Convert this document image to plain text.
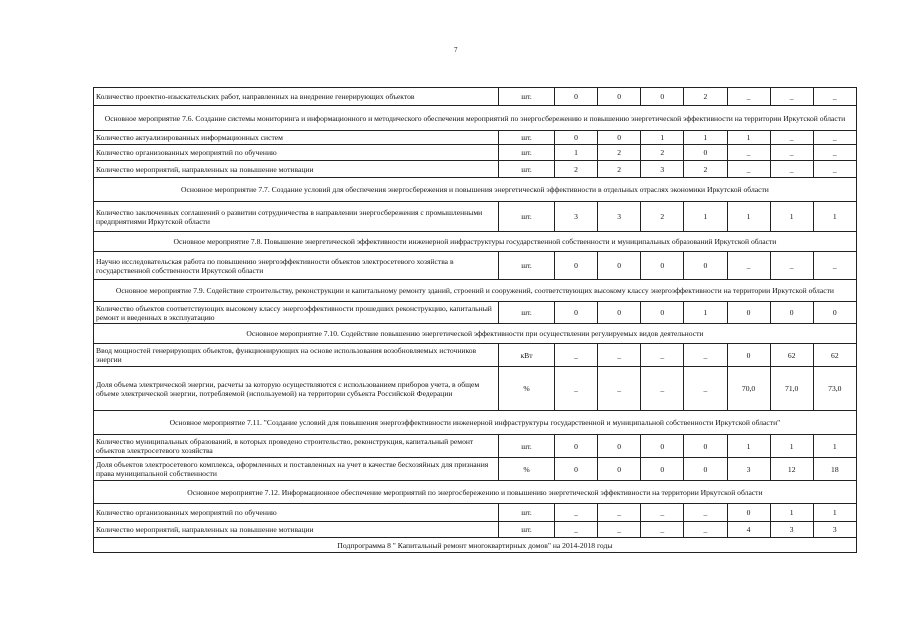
7
Количество проектно-изыскательских работ, направленных на внедрение генерирующих объектов	шт.	0	0	0	2	_	_	_
Основное мероприятие 7.6. Создание системы мониторинга и информационного и методического обеспечения мероприятий по энергосбережению и повышению энергетической эффективности на территории Иркутской области								
Количество актуализированных информационных систем	шт.	0	0	1	1	1	_	_
Количество организованных мероприятий по обучению	шт.	1	2	2	0	_	_	_
Количество мероприятий, направленных на повышение мотивации	шт.	2	2	3	2	_	_	_
Основное мероприятие 7.7. Создание условий для обеспечения энергосбережения и повышения энергетической эффективности в отдельных отраслях экономики Иркутской области								
Количество заключенных соглашений о развитии сотрудничества в направлении энергосбережения с промышленными предприятиями Иркутской области	шт.	3	3	2	1	1	1	1
Основное мероприятие 7.8. Повышение энергетической эффективности инженерной инфраструктуры государственной собственности и муниципальных образований Иркутской области								
Научно исследовательская работа по повышению энергоэффективности объектов электросетевого хозяйства в государственной собственности Иркутской области	шт.	0	0	0	0	_	_	_
Основное мероприятие 7.9. Содействие строительству, реконструкции и капитальному ремонту зданий, строений и сооружений, соответствующих высокому классу энергоэффективности на территории Иркутской области								
Количество объектов соответствующих высокому классу энергоэффективности прошедших реконструкцию, капитальный ремонт и введенных в эксплуатацию	шт.	0	0	0	1	0	0	0
Основное мероприятие 7.10. Содействие повышению энергетической эффективности при осуществлении регулируемых видов деятельности								
Ввод мощностей генерирующих объектов, функционирующих на основе использования возобновляемых источников энергии	кВт	_	_	_	_	0	62	62
Доля объема электрической энергии, расчеты за которую осуществляются с использованием приборов учета, в общем объеме электрической энергии, потребляемой (используемой) на территории субъекта Российской Федерации	%	_	_	_	_	70,0	71,0	73,0
Основное мероприятие 7.11. "Создание условий для повышения энергоэффективности инженерной инфраструктуры государственной и муниципальной собственности Иркутской области"								
Количество муниципальных образований, в которых проведено строительство, реконструкция, капитальный ремонт объектов электросетевого хозяйства	шт.	0	0	0	0	1	1	1
Доля объектов электросетевого комплекса, оформленных и поставленных на учет в качестве бесхозяйных для признания права муниципальной собственности	%	0	0	0	0	3	12	18
Основное мероприятие 7.12. Информационное обеспечение мероприятий по энергосбережению и повышению энергетической эффективности на территории Иркутской области								
Количество организованных мероприятий по обучению	шт.	_	_	_	_	0	1	1
Количество мероприятий, направленных на повышение мотивации	шт.	_	_	_	_	4	3	3
Подпрограмма 8 " Капитальный ремонт многоквартирных домов" на 2014-2018 годы								
